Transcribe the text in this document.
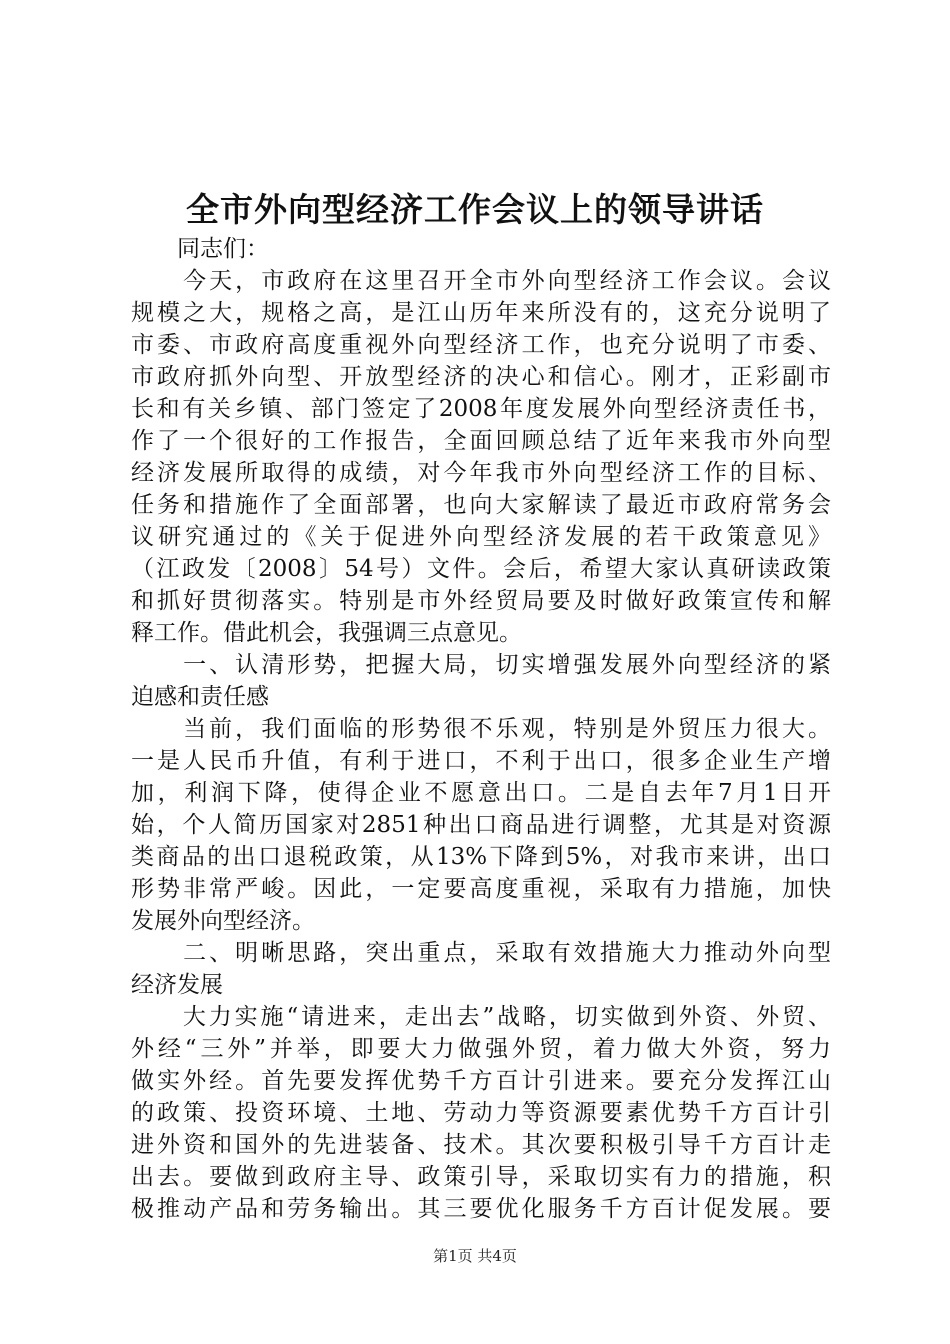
全市外向型经济工作会议上的领导讲话
　　同志们：
　　今天，市政府在这里召开全市外向型经济工作会议。会议
规模之大，规格之高，是江山历年来所没有的，这充分说明了
市委、市政府高度重视外向型经济工作，也充分说明了市委、
市政府抓外向型、开放型经济的决心和信心。刚才，正彩副市
长和有关乡镇、部门签定了2008年度发展外向型经济责任书，
作了一个很好的工作报告，全面回顾总结了近年来我市外向型
经济发展所取得的成绩，对今年我市外向型经济工作的目标、
任务和措施作了全面部署，也向大家解读了最近市政府常务会
议研究通过的《关于促进外向型经济发展的若干政策意见》
（江政发〔2008〕54号）文件。会后，希望大家认真研读政策
和抓好贯彻落实。特别是市外经贸局要及时做好政策宣传和解
释工作。借此机会，我强调三点意见。
　　一、认清形势，把握大局，切实增强发展外向型经济的紧
迫感和责任感
　　当前，我们面临的形势很不乐观，特别是外贸压力很大。
一是人民币升值，有利于进口，不利于出口，很多企业生产增
加，利润下降，使得企业不愿意出口。二是自去年7月1日开
始，个人简历国家对2851种出口商品进行调整，尤其是对资源
类商品的出口退税政策，从13%下降到5%，对我市来讲，出口
形势非常严峻。因此，一定要高度重视，采取有力措施，加快
发展外向型经济。
　　二、明晰思路，突出重点，采取有效措施大力推动外向型
经济发展
　　大力实施“请进来，走出去”战略，切实做到外资、外贸、
外经“三外”并举，即要大力做强外贸，着力做大外资，努力
做实外经。首先要发挥优势千方百计引进来。要充分发挥江山
的政策、投资环境、土地、劳动力等资源要素优势千方百计引
进外资和国外的先进装备、技术。其次要积极引导千方百计走
出去。要做到政府主导、政策引导，采取切实有力的措施，积
极推动产品和劳务输出。其三要优化服务千方百计促发展。要
第1页 共4页
